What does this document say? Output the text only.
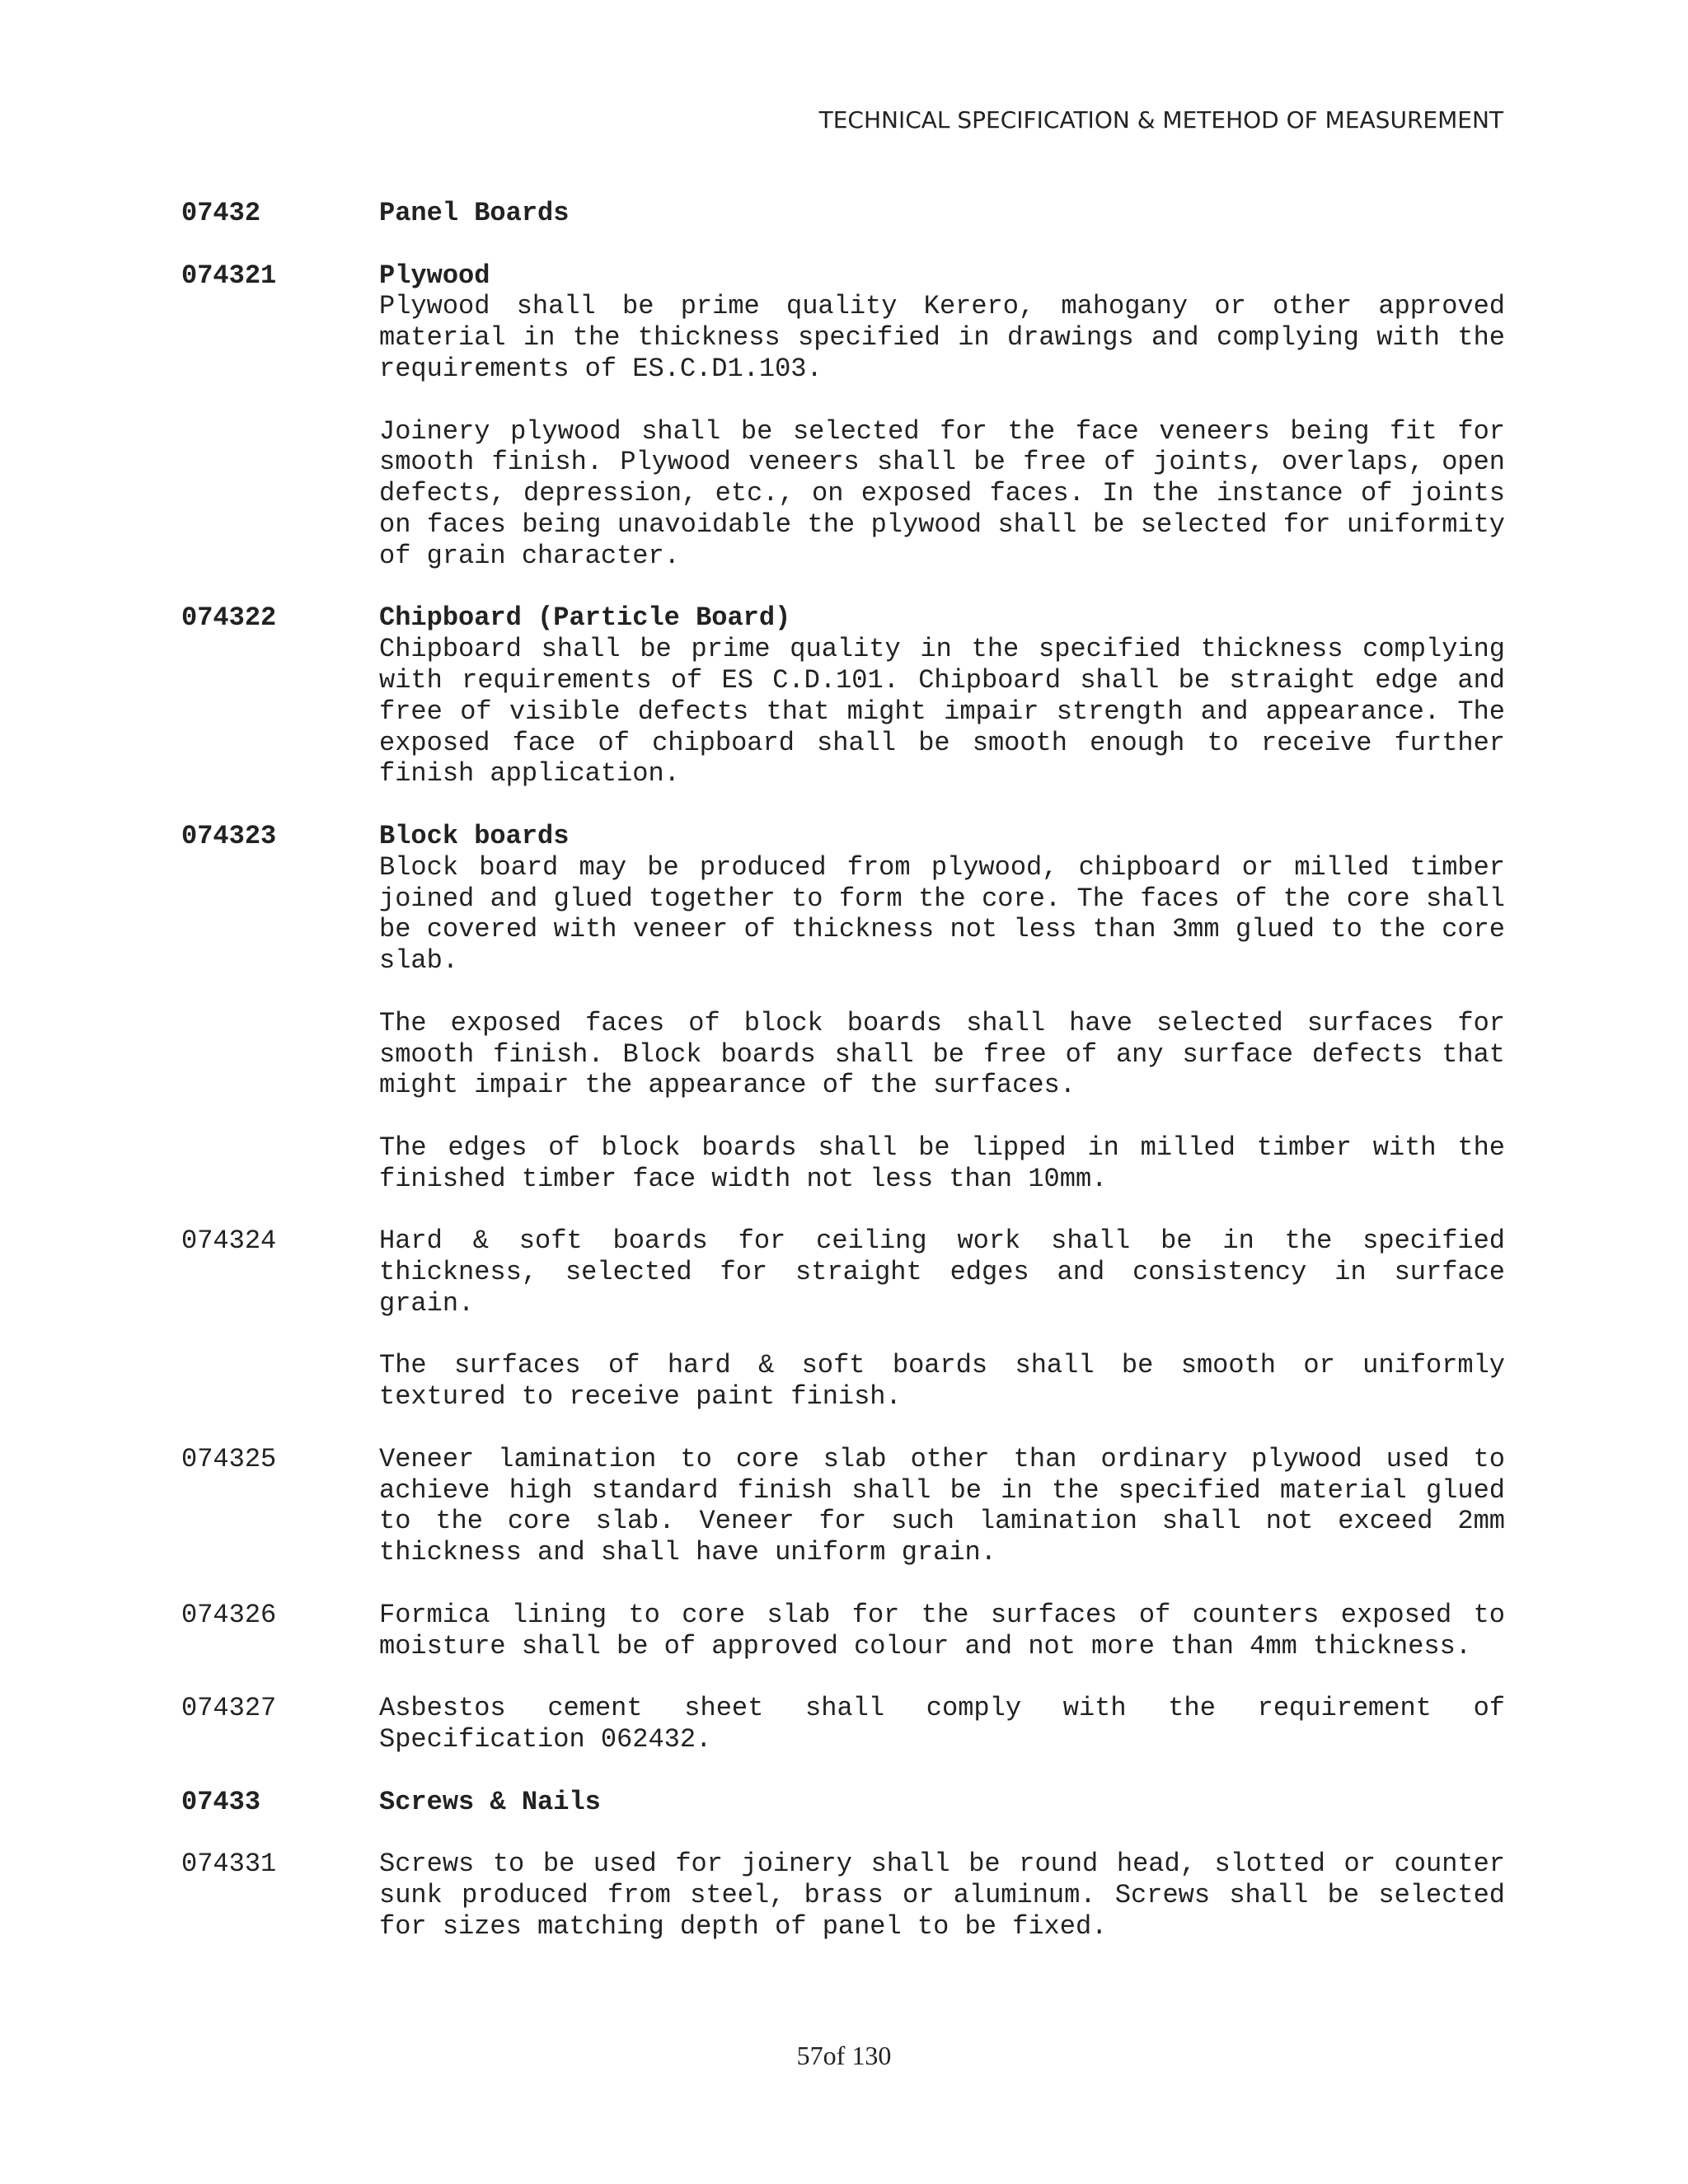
TECHNICAL SPECIFICATION & METEHOD OF MEASUREMENT
07432	Panel Boards
074321	Plywood

Plywood shall be prime quality Kerero, mahogany or other approved material in the thickness specified in drawings and complying with the requirements of ES.C.D1.103.

Joinery plywood shall be selected for the face veneers being fit for smooth finish. Plywood veneers shall be free of joints, overlaps, open defects, depression, etc., on exposed faces. In the instance of joints on faces being unavoidable the plywood shall be selected for uniformity of grain character.

074322	Chipboard (Particle Board)

Chipboard shall be prime quality in the specified thickness complying with requirements of ES C.D.101. Chipboard shall be straight edge and free of visible defects that might impair strength and appearance. The exposed face of chipboard shall be smooth enough to receive further finish application.

074323	Block boards

Block board may be produced from plywood, chipboard or milled timber joined and glued together to form the core. The faces of the core shall be covered with veneer of thickness not less than 3mm glued to the core slab.

The exposed faces of block boards shall have selected surfaces for smooth finish. Block boards shall be free of any surface defects that might impair the appearance of the surfaces.

The edges of block boards shall be lipped in milled timber with the finished timber face width not less than 10mm.

074324	Hard & soft boards for ceiling work shall be in the specified thickness, selected for straight edges and consistency in surface grain.

The surfaces of hard & soft boards shall be smooth or uniformly textured to receive paint finish.

074325	Veneer lamination to core slab other than ordinary plywood used to achieve high standard finish shall be in the specified material glued to the core slab. Veneer for such lamination shall not exceed 2mm thickness and shall have uniform grain.

074326	Formica lining to core slab for the surfaces of counters exposed to moisture shall be of approved colour and not more than 4mm thickness.

074327	Asbestos cement sheet shall comply with the requirement of Specification 062432.

07433	Screws & Nails
074331	Screws to be used for joinery shall be round head, slotted or counter sunk produced from steel, brass or aluminum. Screws shall be selected for sizes matching depth of panel to be fixed.

57of 130
